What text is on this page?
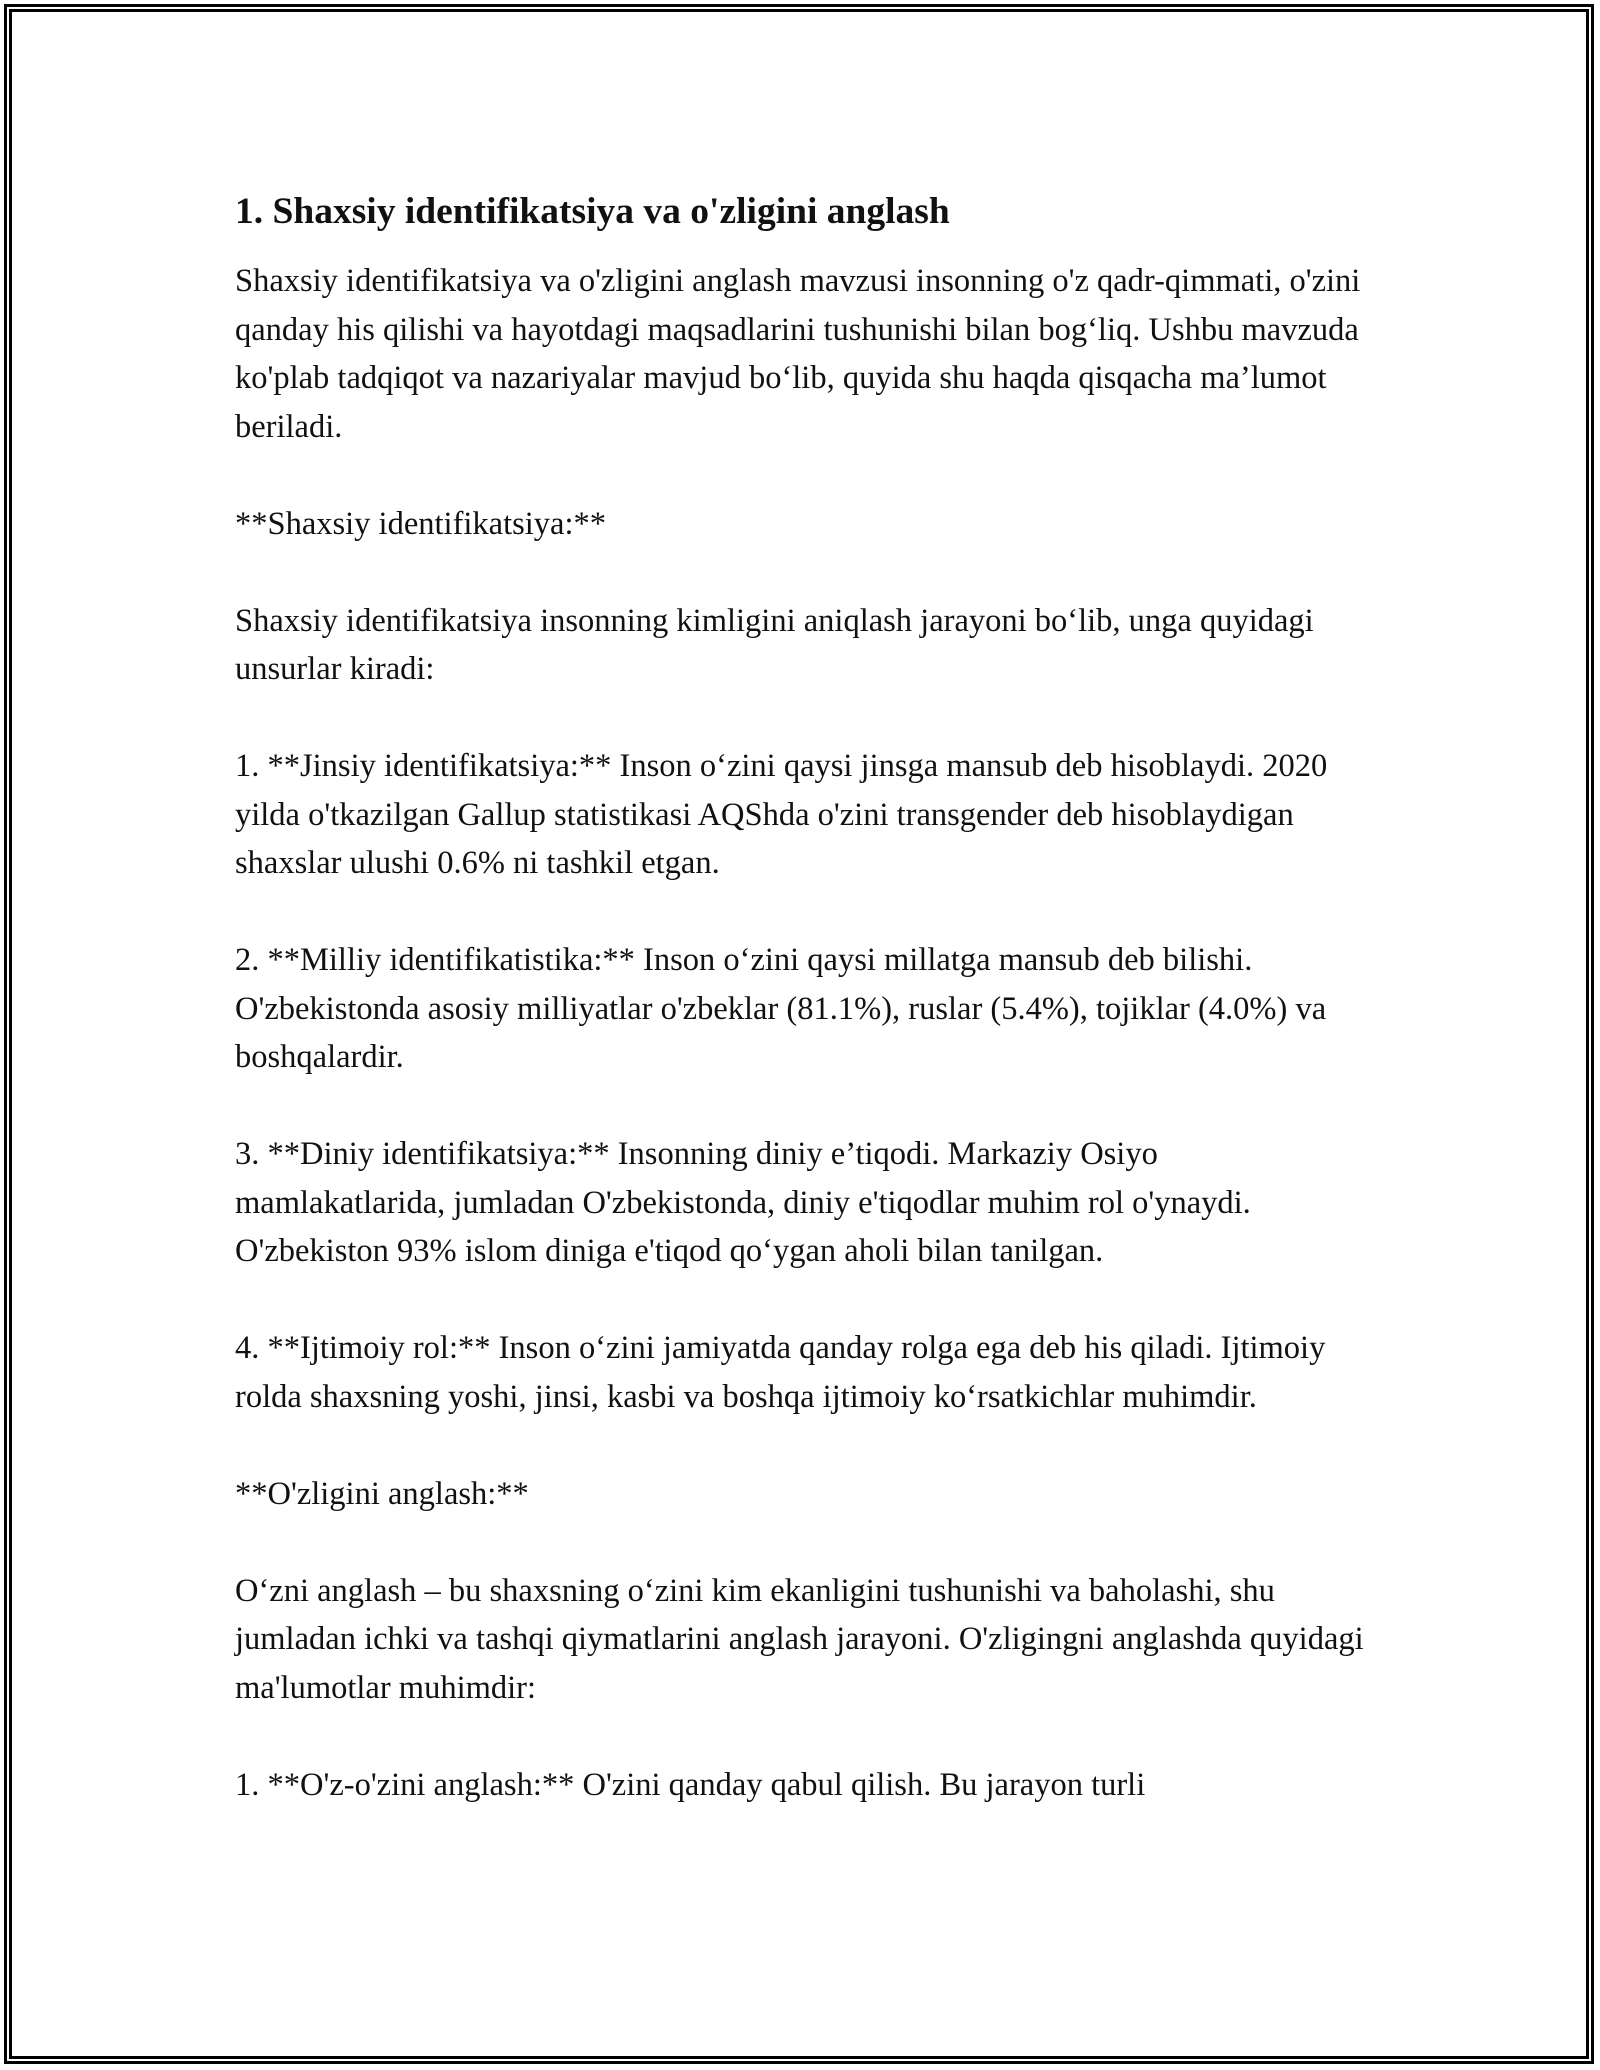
1. Shaxsiy identifikatsiya va o'zligini anglash
Shaxsiy identifikatsiya va o'zligini anglash mavzusi insonning o'z qadr-qimmati, o'zini qanday his qilishi va hayotdagi maqsadlarini tushunishi bilan bog‘liq. Ushbu mavzuda ko'plab tadqiqot va nazariyalar mavjud bo‘lib, quyida shu haqda qisqacha ma’lumot beriladi.
**Shaxsiy identifikatsiya:**
Shaxsiy identifikatsiya insonning kimligini aniqlash jarayoni bo‘lib, unga quyidagi unsurlar kiradi:
1. **Jinsiy identifikatsiya:** Inson o‘zini qaysi jinsga mansub deb hisoblaydi. 2020 yilda o'tkazilgan Gallup statistikasi AQShda o'zini transgender deb hisoblaydigan shaxslar ulushi 0.6% ni tashkil etgan.
2. **Milliy identifikatistika:** Inson o‘zini qaysi millatga mansub deb bilishi. O'zbekistonda asosiy milliyatlar o'zbeklar (81.1%), ruslar (5.4%), tojiklar (4.0%) va boshqalardir.
3. **Diniy identifikatsiya:** Insonning diniy e’tiqodi. Markaziy Osiyo mamlakatlarida, jumladan O'zbekistonda, diniy e'tiqodlar muhim rol o'ynaydi. O'zbekiston 93% islom diniga e'tiqod qo‘ygan aholi bilan tanilgan.
4. **Ijtimoiy rol:** Inson o‘zini jamiyatda qanday rolga ega deb his qiladi. Ijtimoiy rolda shaxsning yoshi, jinsi, kasbi va boshqa ijtimoiy ko‘rsatkichlar muhimdir.
**O'zligini anglash:**
O‘zni anglash – bu shaxsning o‘zini kim ekanligini tushunishi va baholashi, shu jumladan ichki va tashqi qiymatlarini anglash jarayoni. O'zligingni anglashda quyidagi ma'lumotlar muhimdir:
1. **O'z-o'zini anglash:** O'zini qanday qabul qilish. Bu jarayon turli
